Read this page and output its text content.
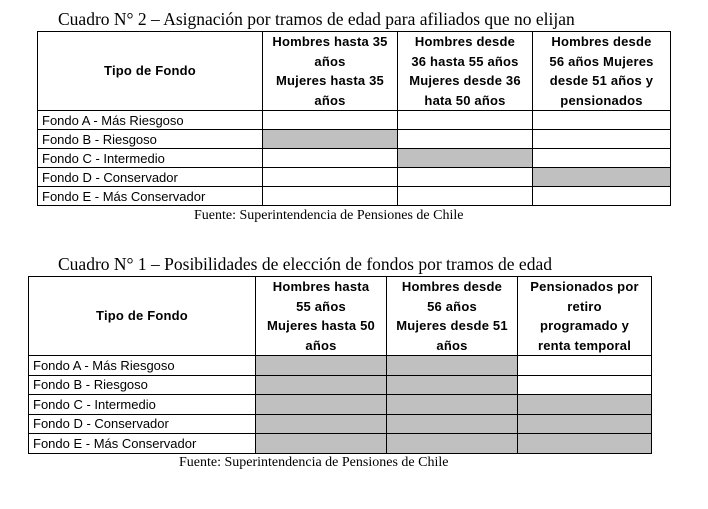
Cuadro N° 2 – Asignación por tramos de edad para afiliados que no elijan
Tipo de Fondo	Hombres hasta 35
años
Mujeres hasta 35
años	Hombres desde
36 hasta 55 años
Mujeres desde 36
hata 50 años	Hombres desde
56 años Mujeres
desde 51 años y
pensionados

Fondo A - Más Riesgoso			
Fondo B - Riesgoso			
Fondo C - Intermedio			
Fondo D - Conservador			
Fondo E - Más Conservador			
Fuente: Superintendencia de Pensiones de Chile
Cuadro N° 1 – Posibilidades de elección de fondos por tramos de edad
Tipo de Fondo	Hombres hasta
55 años
Mujeres hasta 50
años	Hombres desde
56 años
Mujeres desde 51
años	Pensionados por
retiro
programado y
renta temporal

Fondo A - Más Riesgoso			
Fondo B - Riesgoso			
Fondo C - Intermedio			
Fondo D - Conservador			
Fondo E - Más Conservador			
Fuente: Superintendencia de Pensiones de Chile
